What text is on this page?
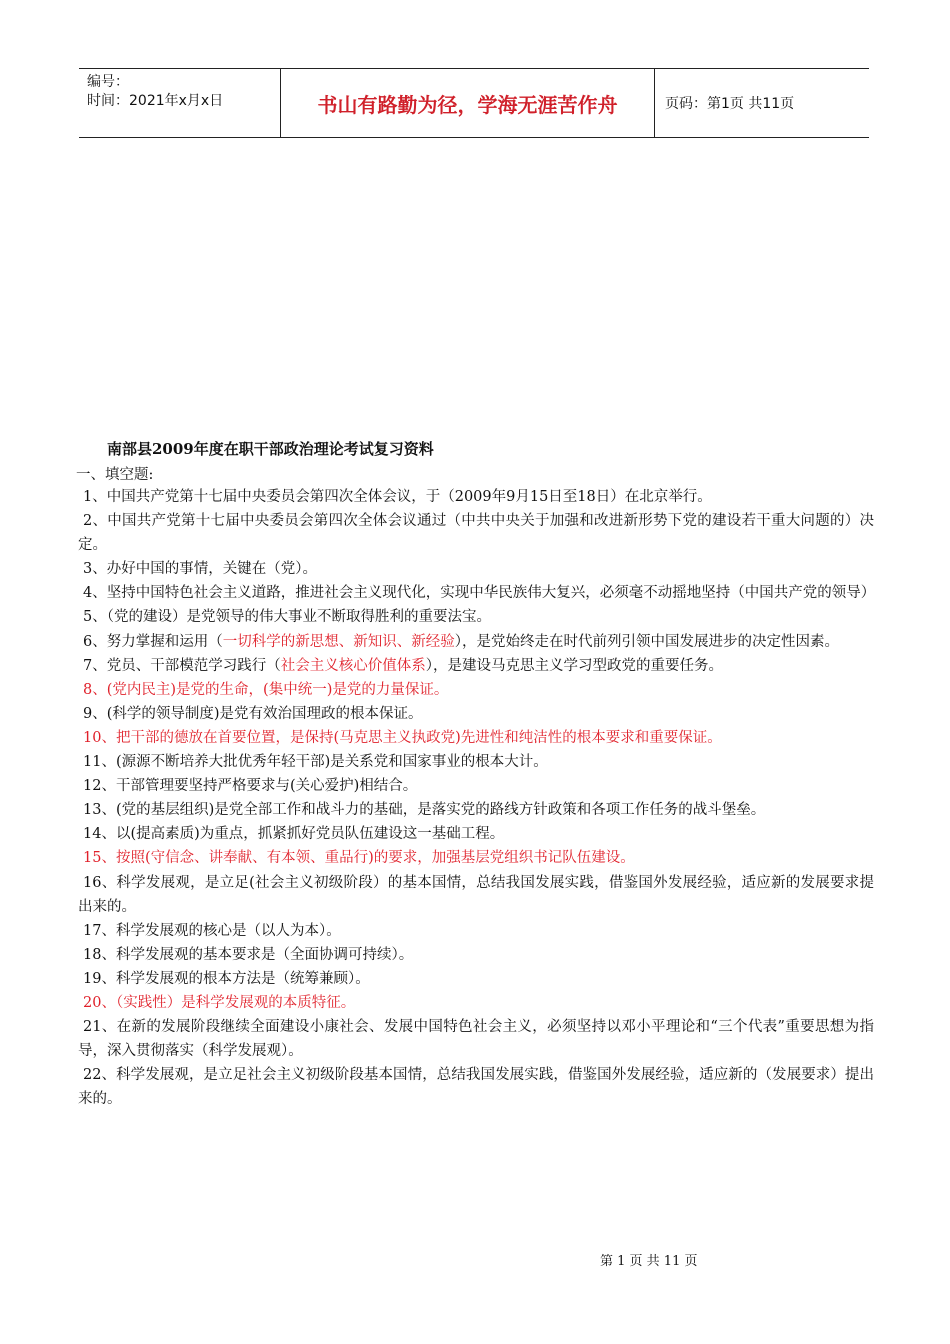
编号：
时间：2021年x月x日	书山有路勤为径，学海无涯苦作舟	页码：第1页 共11页
南部县2009年度在职干部政治理论考试复习资料
一、填空题:

1、中国共产党第十七届中央委员会第四次全体会议，于（2009年9月15日至18日）在北京举行。

2、中国共产党第十七届中央委员会第四次全体会议通过（中共中央关于加强和改进新形势下党的建设若干重大问题的）决定。

3、办好中国的事情，关键在（党）。

4、坚持中国特色社会主义道路，推进社会主义现代化，实现中华民族伟大复兴，必须毫不动摇地坚持（中国共产党的领导）

5、（党的建设）是党领导的伟大事业不断取得胜利的重要法宝。

6、努力掌握和运用（一切科学的新思想、新知识、新经验），是党始终走在时代前列引领中国发展进步的决定性因素。

7、党员、干部模范学习践行（社会主义核心价值体系），是建设马克思主义学习型政党的重要任务。

8、(党内民主)是党的生命，(集中统一)是党的力量保证。

9、(科学的领导制度)是党有效治国理政的根本保证。

10、把干部的德放在首要位置，是保持(马克思主义执政党)先进性和纯洁性的根本要求和重要保证。

11、(源源不断培养大批优秀年轻干部)是关系党和国家事业的根本大计。

12、干部管理要坚持严格要求与(关心爱护)相结合。

13、(党的基层组织)是党全部工作和战斗力的基础，是落实党的路线方针政策和各项工作任务的战斗堡垒。

14、以(提高素质)为重点，抓紧抓好党员队伍建设这一基础工程。

15、按照(守信念、讲奉献、有本领、重品行)的要求，加强基层党组织书记队伍建设。

16、科学发展观，是立足(社会主义初级阶段）的基本国情，总结我国发展实践，借鉴国外发展经验，适应新的发展要求提出来的。

17、科学发展观的核心是（以人为本）。

18、科学发展观的基本要求是（全面协调可持续）。

19、科学发展观的根本方法是（统筹兼顾）。

20、（实践性）是科学发展观的本质特征。

21、在新的发展阶段继续全面建设小康社会、发展中国特色社会主义，必须坚持以邓小平理论和“三个代表”重要思想为指导，深入贯彻落实（科学发展观）。

22、科学发展观，是立足社会主义初级阶段基本国情，总结我国发展实践，借鉴国外发展经验，适应新的（发展要求）提出来的。

第 1 页 共 11 页
